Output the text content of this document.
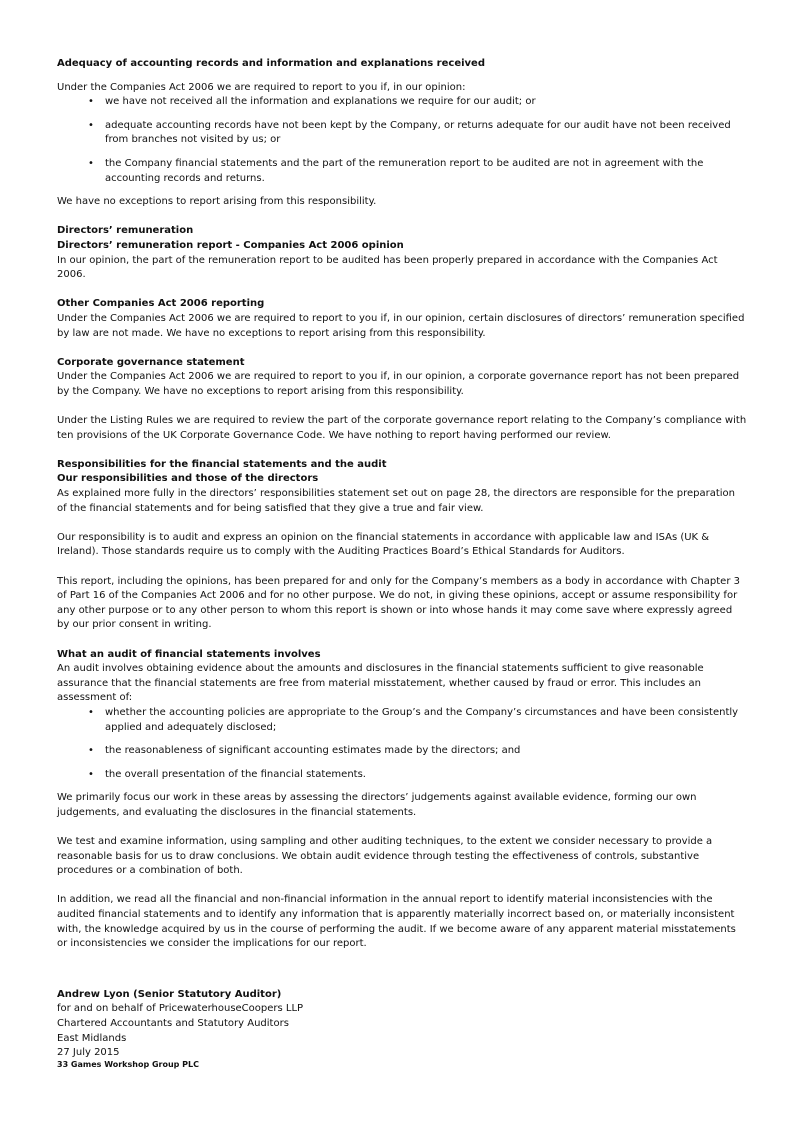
Adequacy of accounting records and information and explanations received

Under the Companies Act 2006 we are required to report to you if, in our opinion:

•	we have not received all the information and explanations we require for our audit; or
•	adequate accounting records have not been kept by the Company, or returns adequate for our audit have not been received from branches not visited by us; or
•	the Company financial statements and the part of the remuneration report to be audited are not in agreement with the accounting records and returns.

We have no exceptions to report arising from this responsibility.

Directors’ remuneration

Directors’ remuneration report - Companies Act 2006 opinion

In our opinion, the part of the remuneration report to be audited has been properly prepared in accordance with the Companies Act 2006.

Other Companies Act 2006 reporting

Under the Companies Act 2006 we are required to report to you if, in our opinion, certain disclosures of directors’ remuneration specified by law are not made. We have no exceptions to report arising from this responsibility.

Corporate governance statement

Under the Companies Act 2006 we are required to report to you if, in our opinion, a corporate governance report has not been prepared by the Company. We have no exceptions to report arising from this responsibility.

Under the Listing Rules we are required to review the part of the corporate governance report relating to the Company’s compliance with ten provisions of the UK Corporate Governance Code. We have nothing to report having performed our review.

Responsibilities for the financial statements and the audit

Our responsibilities and those of the directors

As explained more fully in the directors’ responsibilities statement set out on page 28, the directors are responsible for the preparation of the financial statements and for being satisfied that they give a true and fair view.

Our responsibility is to audit and express an opinion on the financial statements in accordance with applicable law and ISAs (UK & Ireland). Those standards require us to comply with the Auditing Practices Board’s Ethical Standards for Auditors.

This report, including the opinions, has been prepared for and only for the Company’s members as a body in accordance with Chapter 3 of Part 16 of the Companies Act 2006 and for no other purpose. We do not, in giving these opinions, accept or assume responsibility for any other purpose or to any other person to whom this report is shown or into whose hands it may come save where expressly agreed by our prior consent in writing.

What an audit of financial statements involves

An audit involves obtaining evidence about the amounts and disclosures in the financial statements sufficient to give reasonable assurance that the financial statements are free from material misstatement, whether caused by fraud or error. This includes an assessment of:

•	whether the accounting policies are appropriate to the Group’s and the Company’s circumstances and have been consistently applied and adequately disclosed;
•	the reasonableness of significant accounting estimates made by the directors; and
•	the overall presentation of the financial statements.

We primarily focus our work in these areas by assessing the directors’ judgements against available evidence, forming our own judgements, and evaluating the disclosures in the financial statements.

We test and examine information, using sampling and other auditing techniques, to the extent we consider necessary to provide a reasonable basis for us to draw conclusions. We obtain audit evidence through testing the effectiveness of controls, substantive procedures or a combination of both.

In addition, we read all the financial and non-financial information in the annual report to identify material inconsistencies with the audited financial statements and to identify any information that is apparently materially incorrect based on, or materially inconsistent with, the knowledge acquired by us in the course of performing the audit. If we become aware of any apparent material misstatements or inconsistencies we consider the implications for our report.

Andrew Lyon (Senior Statutory Auditor)

for and on behalf of PricewaterhouseCoopers LLP

Chartered Accountants and Statutory Auditors

East Midlands

27 July 2015

33 Games Workshop Group PLC
